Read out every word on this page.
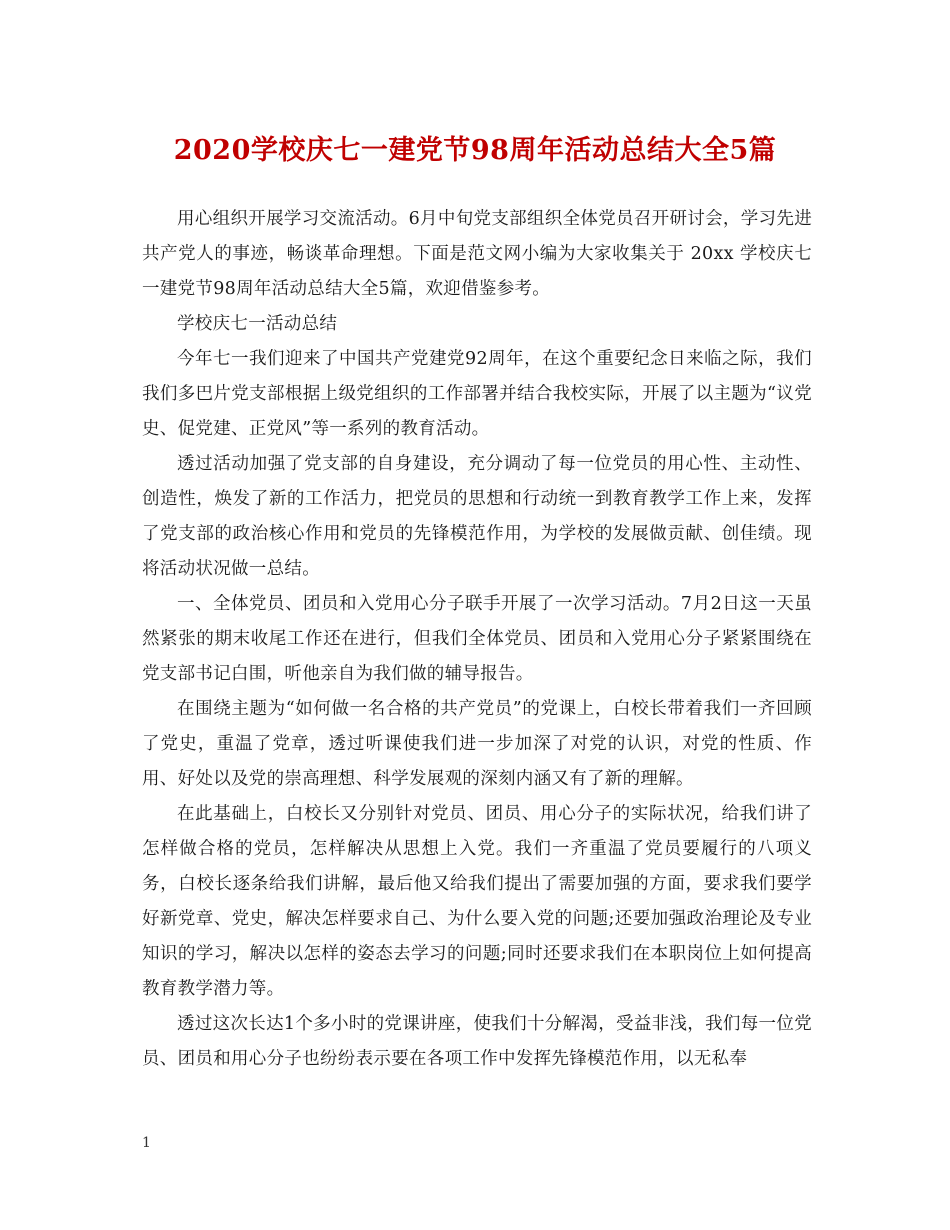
2020学校庆七一建党节98周年活动总结大全5篇

用心组织开展学习交流活动。6月中旬党支部组织全体党员召开研讨会，学习先进共产党人的事迹，畅谈革命理想。下面是范文网小编为大家收集关于 20xx 学校庆七一建党节98周年活动总结大全5篇，欢迎借鉴参考。

学校庆七一活动总结

今年七一我们迎来了中国共产党建党92周年，在这个重要纪念日来临之际，我们我们多巴片党支部根据上级党组织的工作部署并结合我校实际，开展了以主题为“议党史、促党建、正党风”等一系列的教育活动。

透过活动加强了党支部的自身建设，充分调动了每一位党员的用心性、主动性、创造性，焕发了新的工作活力，把党员的思想和行动统一到教育教学工作上来，发挥了党支部的政治核心作用和党员的先锋模范作用，为学校的发展做贡献、创佳绩。现将活动状况做一总结。

一、全体党员、团员和入党用心分子联手开展了一次学习活动。7月2日这一天虽然紧张的期末收尾工作还在进行，但我们全体党员、团员和入党用心分子紧紧围绕在党支部书记白围，听他亲自为我们做的辅导报告。

在围绕主题为“如何做一名合格的共产党员”的党课上，白校长带着我们一齐回顾了党史，重温了党章，透过听课使我们进一步加深了对党的认识，对党的性质、作用、好处以及党的崇高理想、科学发展观的深刻内涵又有了新的理解。

在此基础上，白校长又分别针对党员、团员、用心分子的实际状况，给我们讲了怎样做合格的党员，怎样解决从思想上入党。我们一齐重温了党员要履行的八项义务，白校长逐条给我们讲解，最后他又给我们提出了需要加强的方面，要求我们要学好新党章、党史，解决怎样要求自己、为什么要入党的问题;还要加强政治理论及专业知识的学习，解决以怎样的姿态去学习的问题;同时还要求我们在本职岗位上如何提高教育教学潜力等。

透过这次长达1个多小时的党课讲座，使我们十分解渴，受益非浅，我们每一位党员、团员和用心分子也纷纷表示要在各项工作中发挥先锋模范作用，以无私奉

1
